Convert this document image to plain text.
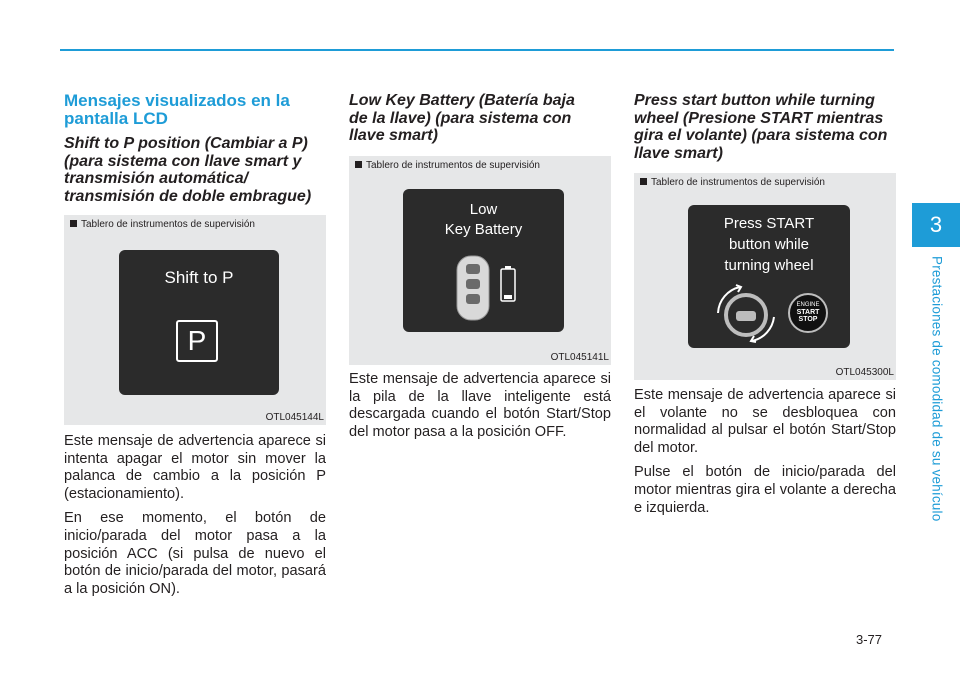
3
Prestaciones de comodidad de su vehículo
Mensajes visualizados en la pantalla LCD
Shift to P position (Cambiar a P) (para sistema con llave smart y transmisión automática/ transmisión de doble embrague)
Tablero de instrumentos de supervisión
Shift to P
P
OTL045144L

Este mensaje de advertencia aparece si intenta apagar el motor sin mover la palanca de cambio a la posición P (estacionamiento).

En ese momento, el botón de inicio/parada del motor pasa a la posición ACC (si pulsa de nuevo el botón de inicio/parada del motor, pasará a la posición ON).

Low Key Battery (Batería baja de la llave) (para sistema con llave smart)
Tablero de instrumentos de supervisión
Low
Key Battery
OTL045141L

Este mensaje de advertencia aparece si la pila de la llave inteligente está descargada cuando el botón Start/Stop del motor pasa a la posición OFF.

Press start button while turning wheel (Presione START mientras gira el volante) (para sistema con llave smart)
Tablero de instrumentos de supervisión
Press START
button while
turning wheel
ENGINE
START
STOP
OTL045300L

Este mensaje de advertencia aparece si el volante no se desbloquea con normalidad al pulsar el botón Start/Stop del motor.

Pulse el botón de inicio/parada del motor mientras gira el volante a derecha e izquierda.

3-77
